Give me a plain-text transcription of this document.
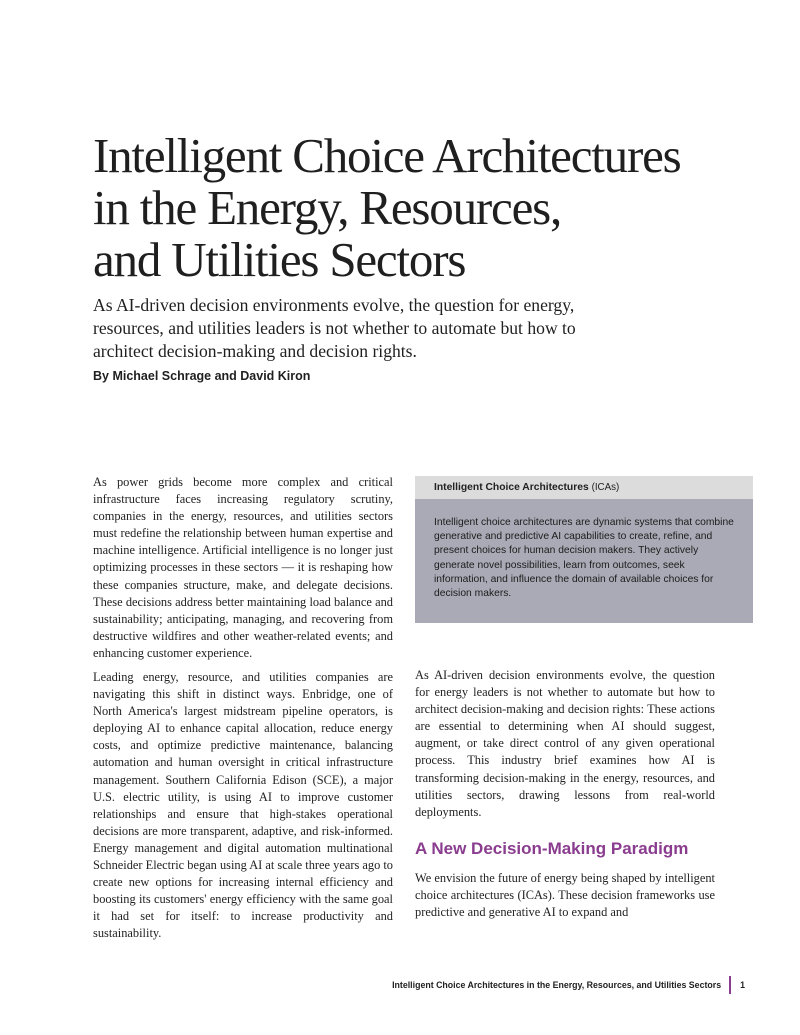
Intelligent Choice Architectures
in the Energy, Resources,
and Utilities Sectors

As AI-driven decision environments evolve, the question for energy, resources, and utilities leaders is not whether to automate but how to architect decision-making and decision rights.

By Michael Schrage and David Kiron

As power grids become more complex and critical infrastructure faces increasing regulatory scrutiny, companies in the energy, resources, and utilities sectors must redefine the relationship between human expertise and machine intelligence. Artificial intelligence is no longer just optimizing processes in these sectors — it is reshaping how these companies structure, make, and delegate decisions. These decisions address better maintaining load balance and sustainability; anticipating, managing, and recovering from destructive wildfires and other weather-related events; and enhancing customer experience.

Leading energy, resource, and utilities companies are navigating this shift in distinct ways. Enbridge, one of North America's largest midstream pipeline operators, is deploying AI to enhance capital allocation, reduce energy costs, and optimize predictive maintenance, balancing automation and human oversight in critical infrastructure management. Southern California Edison (SCE), a major U.S. electric utility, is using AI to improve customer relationships and ensure that high-stakes operational decisions are more transparent, adaptive, and risk-informed. Energy management and digital automation multinational Schneider Electric began using AI at scale three years ago to create new options for increasing internal efficiency and boosting its customers' energy efficiency with the same goal it had set for itself: to increase productivity and sustainability.

Intelligent Choice Architectures (ICAs)
Intelligent choice architectures are dynamic systems that combine generative and predictive AI capabilities to create, refine, and present choices for human decision makers. They actively generate novel possibilities, learn from outcomes, seek information, and influence the domain of available choices for decision makers.

As AI-driven decision environments evolve, the question for energy leaders is not whether to automate but how to architect decision-making and decision rights: These actions are essential to determining when AI should suggest, augment, or take direct control of any given operational process. This industry brief examines how AI is transforming decision-making in the energy, resources, and utilities sectors, drawing lessons from real-world deployments.

A New Decision-Making Paradigm

We envision the future of energy being shaped by intelligent choice architectures (ICAs). These decision frameworks use predictive and generative AI to expand and

Intelligent Choice Architectures in the Energy, Resources, and Utilities Sectors 1
